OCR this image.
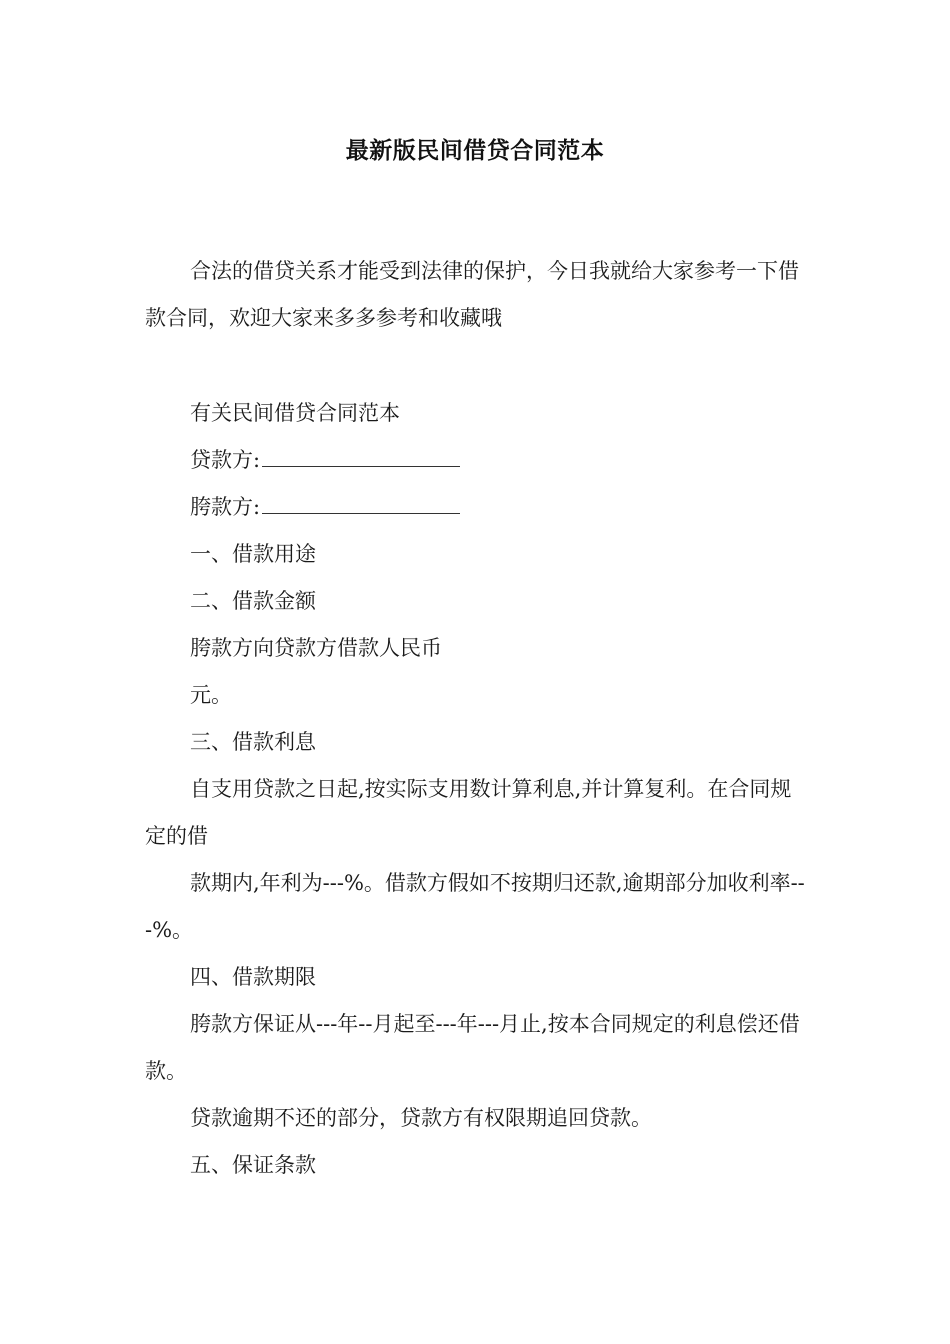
最新版民间借贷合同范本

合法的借贷关系才能受到法律的保护，今日我就给大家参考一下借款合同，欢迎大家来多多参考和收藏哦

有关民间借贷合同范本

贷款方:

胯款方:

一、借款用途

二、借款金额

胯款方向贷款方借款人民币

元。

三、借款利息

自支用贷款之日起,按实际支用数计算利息,并计算复利。在合同规定的借

款期内,年利为---%。借款方假如不按期归还款,逾期部分加收利率---%。

四、借款期限

胯款方保证从---年--月起至---年---月止,按本合同规定的利息偿还借款。

贷款逾期不还的部分，贷款方有权限期追回贷款。

五、保证条款
